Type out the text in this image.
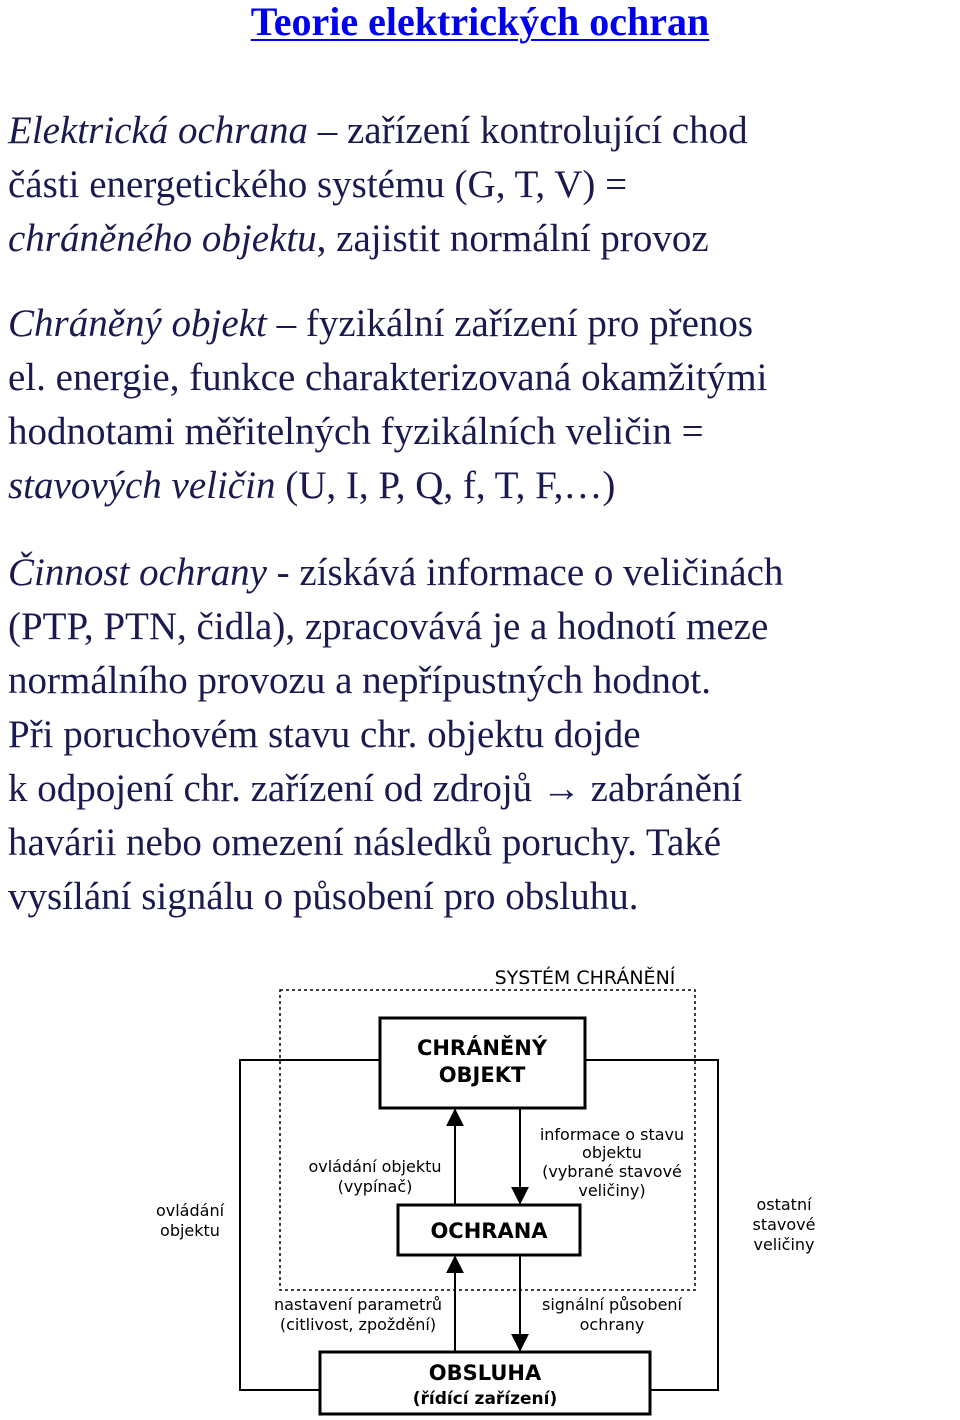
Teorie elektrických ochran
Elektrická ochrana – zařízení kontrolující chod
části energetického systému (G, T, V) =
chráněného objektu, zajistit normální provoz
Chráněný objekt – fyzikální zařízení pro přenos
el. energie, funkce charakterizovaná okamžitými
hodnotami měřitelných fyzikálních veličin =
stavových veličin (U, I, P, Q, f, T, F,…)
Činnost ochrany - získává informace o veličinách
(PTP, PTN, čidla), zpracovává je a hodnotí meze
normálního provozu a nepřípustných hodnot.
Při poruchovém stavu chr. objektu dojde
k odpojení chr. zařízení od zdrojů → zabránění
havárii nebo omezení následků poruchy. Také
vysílání signálu o působení pro obsluhu.
SYSTÉM CHRÁNĚNÍ
CHRÁNĚNÝ
OBJEKT
OCHRANA
OBSLUHA
(řídící zařízení)
ovládání objektu
(vypínač)
informace o stavu
objektu
(vybrané stavové
veličiny)
ovládání
objektu
ostatní
stavové
veličiny
nastavení parametrů
(citlivost, zpoždění)
signální působení
ochrany
